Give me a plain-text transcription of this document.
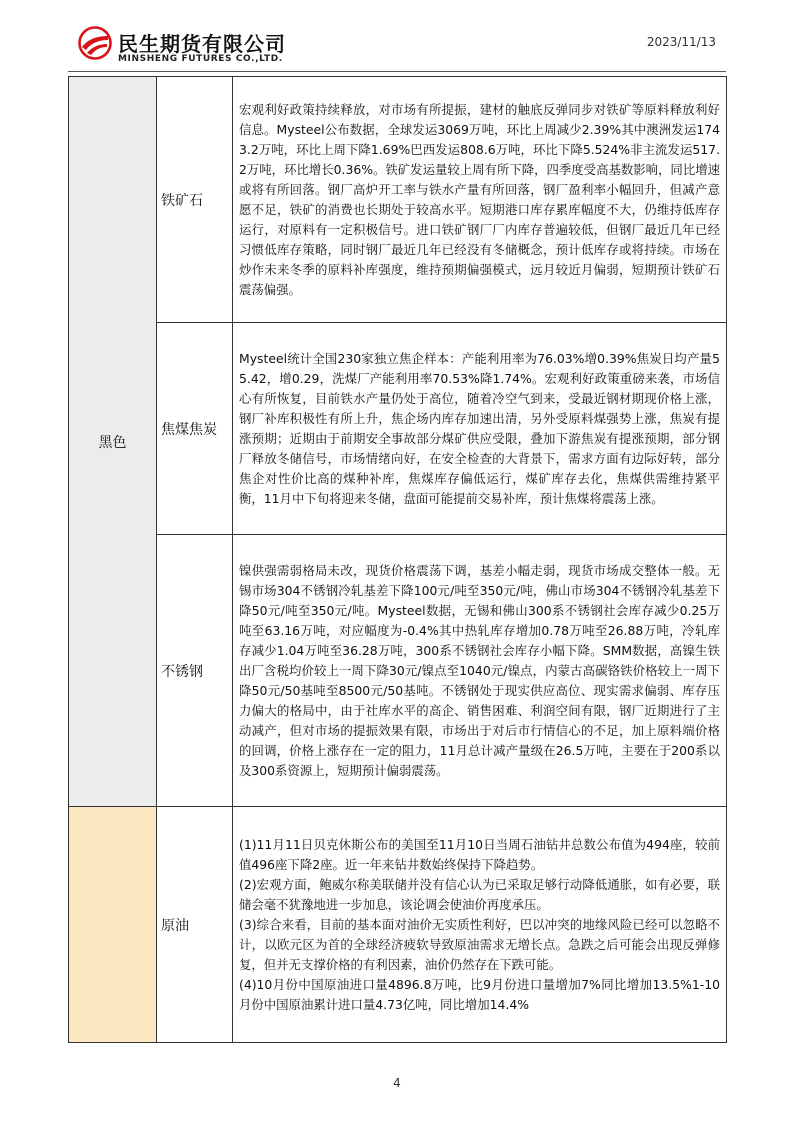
民生期货有限公司
MINSHENG FUTURES CO.,LTD.
2023/11/13
黑色	铁矿石	宏观利好政策持续释放，对市场有所提振，建材的触底反弹同步对铁矿等原料释放利好信息。Mysteel公布数据，全球发运3069万吨，环比上周减少2.39%其中澳洲发运1743.2万吨，环比上周下降1.69%巴西发运808.6万吨，环比下降5.524%非主流发运517.2万吨，环比增长0.36%。铁矿发运量较上周有所下降，四季度受高基数影响，同比增速或将有所回落。钢厂高炉开工率与铁水产量有所回落，钢厂盈利率小幅回升，但减产意愿不足，铁矿的消费也长期处于较高水平。短期港口库存累库幅度不大，仍维持低库存运行，对原料有一定积极信号。进口铁矿钢厂厂内库存普遍较低，但钢厂最近几年已经习惯低库存策略，同时钢厂最近几年已经没有冬储概念，预计低库存或将持续。市场在炒作未来冬季的原料补库强度，维持预期偏强模式，远月较近月偏弱，短期预计铁矿石震荡偏强。
	焦煤焦炭	Mysteel统计全国230家独立焦企样本：产能利用率为76.03%增0.39%焦炭日均产量55.42，增0.29，洗煤厂产能利用率70.53%降1.74%。宏观利好政策重磅来袭，市场信心有所恢复，目前铁水产量仍处于高位，随着冷空气到来，受最近钢材期现价格上涨，钢厂补库积极性有所上升，焦企场内库存加速出清，另外受原料煤强势上涨，焦炭有提涨预期；近期由于前期安全事故部分煤矿供应受限，叠加下游焦炭有提涨预期，部分钢厂释放冬储信号，市场情绪向好，在安全检查的大背景下，需求方面有边际好转，部分焦企对性价比高的煤种补库，焦煤库存偏低运行，煤矿库存去化，焦煤供需维持紧平衡，11月中下旬将迎来冬储，盘面可能提前交易补库，预计焦煤将震荡上涨。
	不锈钢	镍供强需弱格局未改，现货价格震荡下调，基差小幅走弱，现货市场成交整体一般。无锡市场304不锈钢冷轧基差下降100元/吨至350元/吨，佛山市场304不锈钢冷轧基差下降50元/吨至350元/吨。Mysteel数据，无锡和佛山300系不锈钢社会库存减少0.25万吨至63.16万吨，对应幅度为-0.4%其中热轧库存增加0.78万吨至26.88万吨，冷轧库存减少1.04万吨至36.28万吨，300系不锈钢社会库存小幅下降。SMM数据，高镍生铁出厂含税均价较上一周下降30元/镍点至1040元/镍点，内蒙古高碳铬铁价格较上一周下降50元/50基吨至8500元/50基吨。不锈钢处于现实供应高位、现实需求偏弱、库存压力偏大的格局中，由于社库水平的高企、销售困难、利润空间有限，钢厂近期进行了主动减产，但对市场的提振效果有限，市场出于对后市行情信心的不足，加上原料端价格的回调，价格上涨存在一定的阻力，11月总计减产量级在26.5万吨，主要在于200系以及300系资源上，短期预计偏弱震荡。
	原油	(1)11月11日贝克休斯公布的美国至11月10日当周石油钻井总数公布值为494座，较前值496座下降2座。近一年来钻井数始终保持下降趋势。

(2)宏观方面，鲍威尔称美联储并没有信心认为已采取足够行动降低通胀，如有必要，联储会毫不犹豫地进一步加息，该论调会使油价再度承压。

(3)综合来看，目前的基本面对油价无实质性利好，巴以冲突的地缘风险已经可以忽略不计，以欧元区为首的全球经济疲软导致原油需求无增长点。急跌之后可能会出现反弹修复，但并无支撑价格的有利因素，油价仍然存在下跌可能。

(4)10月份中国原油进口量4896.8万吨，比9月份进口量增加7%同比增加13.5%1-10月份中国原油累计进口量4.73亿吨，同比增加14.4%

4
